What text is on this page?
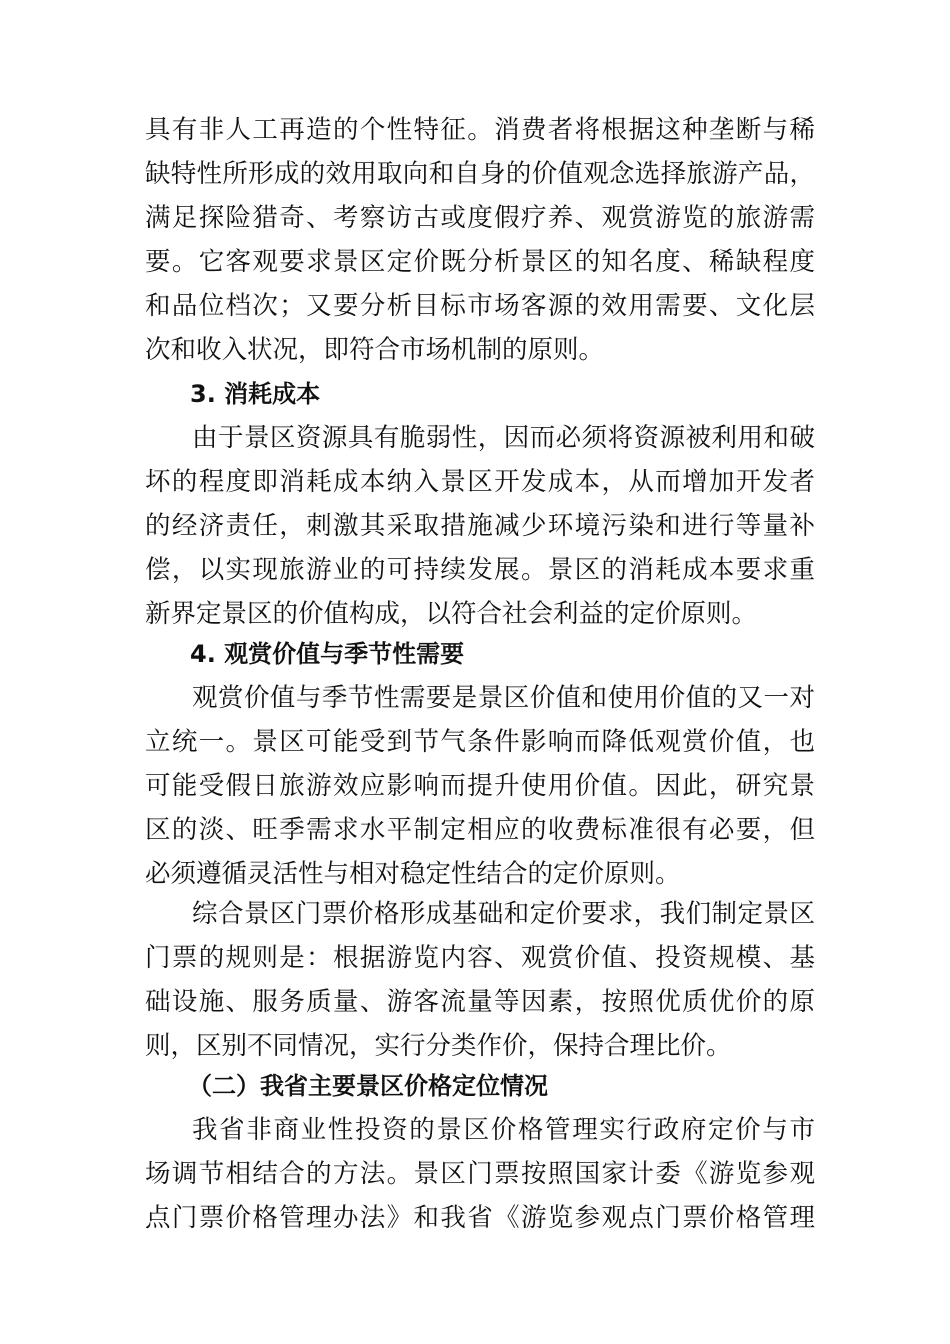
具有非人工再造的个性特征。消费者将根据这种垄断与稀
缺特性所形成的效用取向和自身的价值观念选择旅游产品，
满足探险猎奇、考察访古或度假疗养、观赏游览的旅游需
要。它客观要求景区定价既分析景区的知名度、稀缺程度
和品位档次；又要分析目标市场客源的效用需要、文化层
次和收入状况，即符合市场机制的原则。
3. 消耗成本
由于景区资源具有脆弱性，因而必须将资源被利用和破
坏的程度即消耗成本纳入景区开发成本，从而增加开发者
的经济责任，刺激其采取措施减少环境污染和进行等量补
偿，以实现旅游业的可持续发展。景区的消耗成本要求重
新界定景区的价值构成，以符合社会利益的定价原则。
4. 观赏价值与季节性需要
观赏价值与季节性需要是景区价值和使用价值的又一对
立统一。景区可能受到节气条件影响而降低观赏价值，也
可能受假日旅游效应影响而提升使用价值。因此，研究景
区的淡、旺季需求水平制定相应的收费标准很有必要，但
必须遵循灵活性与相对稳定性结合的定价原则。
综合景区门票价格形成基础和定价要求，我们制定景区
门票的规则是：根据游览内容、观赏价值、投资规模、基
础设施、服务质量、游客流量等因素，按照优质优价的原
则，区别不同情况，实行分类作价，保持合理比价。
（二）我省主要景区价格定位情况
我省非商业性投资的景区价格管理实行政府定价与市
场调节相结合的方法。景区门票按照国家计委《游览参观
点门票价格管理办法》和我省《游览参观点门票价格管理
